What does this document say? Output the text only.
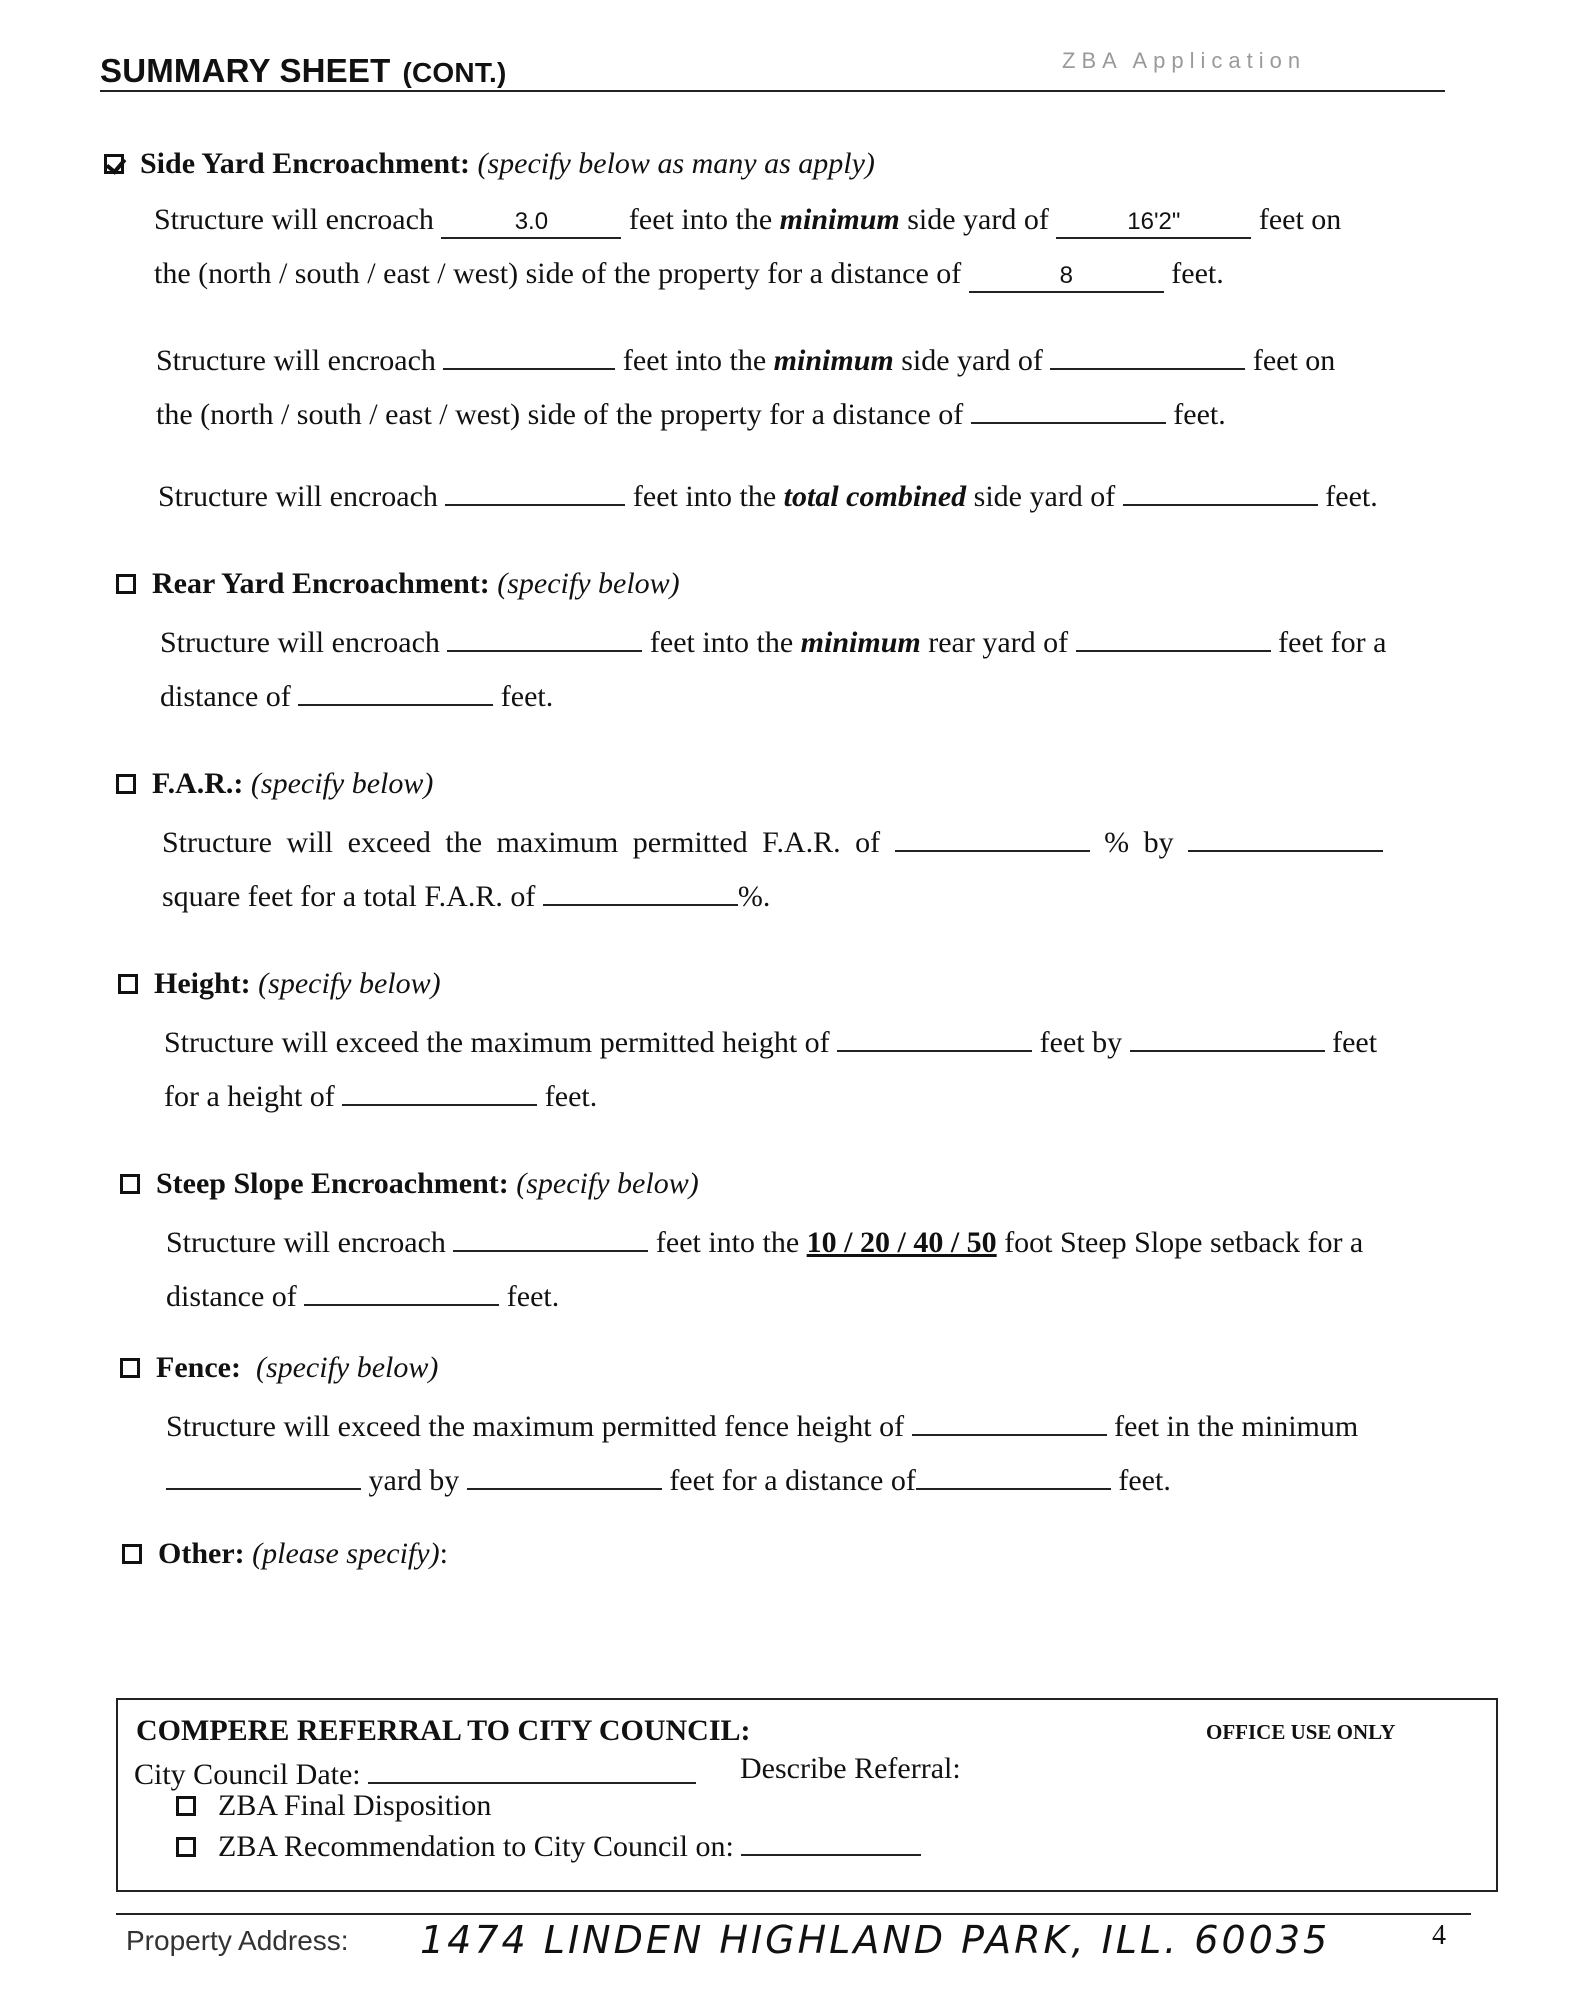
SUMMARY SHEET (CONT.)	ZBA Application
Side Yard Encroachment: (specify below as many as apply)
Structure will encroach	3.0	feet into the minimum side yard of	16'2"	feet on
the (north / south / east / west) side of the property for a distance of	8	feet.
Structure will encroach	feet into the minimum side yard of	feet on
the (north / south / east / west) side of the property for a distance of	feet.
Structure will encroach	feet into the total combined side yard of	feet.
Rear Yard Encroachment: (specify below)
Structure will encroach	feet into the minimum rear yard of	feet for a
distance of	feet.
F.A.R.: (specify below)
Structure will exceed the maximum permitted F.A.R. of	% by
square feet for a total F.A.R. of	%.
Height: (specify below)
Structure will exceed the maximum permitted height of	feet by	feet
for a height of	feet.
Steep Slope Encroachment: (specify below)
Structure will encroach	feet into the 10 / 20 / 40 / 50 foot Steep Slope setback for a
distance of	feet.
Fence: (specify below)
Structure will exceed the maximum permitted fence height of	feet in the minimum
yard by	feet for a distance of	feet.
Other: (please specify):
COMPERE REFERRAL TO CITY COUNCIL:	OFFICE USE ONLY
City Council Date:	Describe Referral:
ZBA Final Disposition
ZBA Recommendation to City Council on:
Property Address: 1474 LINDEN HIGHLAND PARK, ILL. 60035	4
